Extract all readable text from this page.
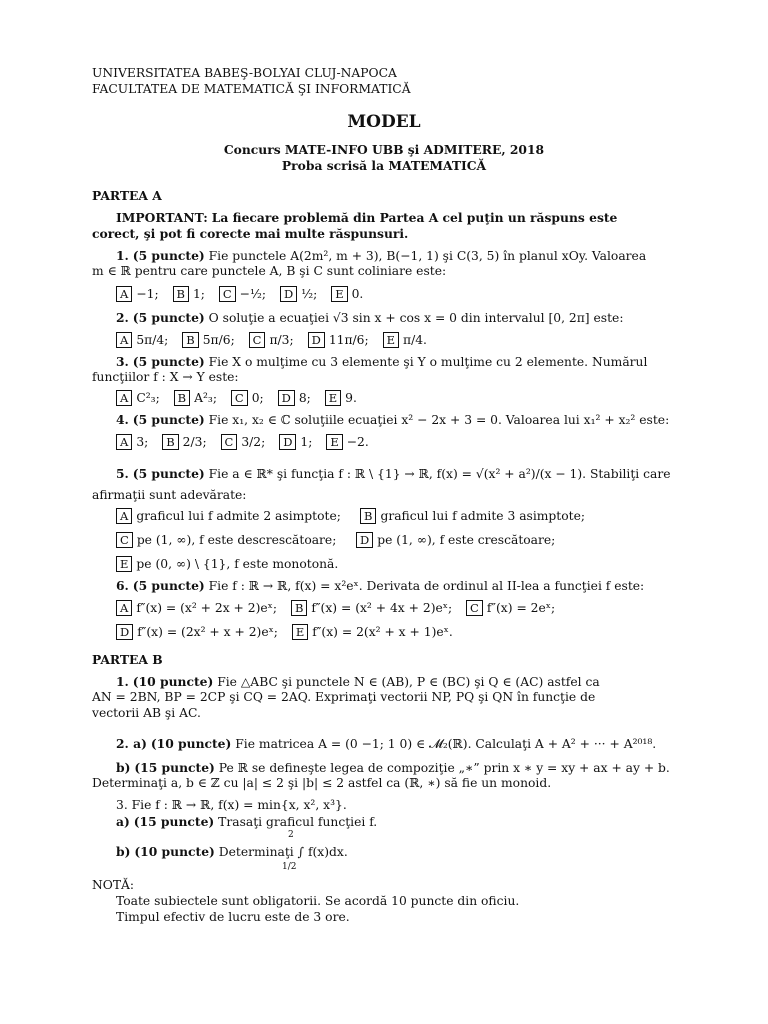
UNIVERSITATEA BABEŞ-BOLYAI CLUJ-NAPOCA
FACULTATEA DE MATEMATICĂ ŞI INFORMATICĂ
MODEL
Concurs MATE-INFO UBB şi ADMITERE, 2018
Proba scrisă la MATEMATICĂ
PARTEA A
IMPORTANT: La fiecare problemă din Partea A cel puţin un răspuns este
corect, şi pot fi corecte mai multe răspunsuri.
1. (5 puncte) Fie punctele A(2m², m + 3), B(−1, 1) şi C(3, 5) în planul xOy. Valoarea
m ∈ ℝ pentru care punctele A, B şi C sunt coliniare este:
A −1; B 1; C −½; D ½; E 0.
2. (5 puncte) O soluţie a ecuaţiei √3 sin x + cos x = 0 din intervalul [0, 2π] este:
A 5π/4; B 5π/6; C π/3; D 11π/6; E π/4.
3. (5 puncte) Fie X o mulţime cu 3 elemente şi Y o mulţime cu 2 elemente. Numărul
funcţiilor f : X → Y este:
A C²₃; B A²₃; C 0; D 8; E 9.
4. (5 puncte) Fie x₁, x₂ ∈ ℂ soluţiile ecuaţiei x² − 2x + 3 = 0. Valoarea lui x₁² + x₂² este:
A 3; B 2/3; C 3/2; D 1; E −2.
5. (5 puncte) Fie a ∈ ℝ* şi funcţia f : ℝ \ {1} → ℝ, f(x) = √(x² + a²)/(x − 1). Stabiliţi care
afirmaţii sunt adevărate:
A graficul lui f admite 2 asimptote;	B graficul lui f admite 3 asimptote;
C pe (1, ∞), f este descrescătoare;	D pe (1, ∞), f este crescătoare;
E pe (0, ∞) \ {1}, f este monotonă.
6. (5 puncte) Fie f : ℝ → ℝ, f(x) = x²eˣ. Derivata de ordinul al II-lea a funcţiei f este:
A f″(x) = (x² + 2x + 2)eˣ; B f″(x) = (x² + 4x + 2)eˣ; C f″(x) = 2eˣ;
D f″(x) = (2x² + x + 2)eˣ; E f″(x) = 2(x² + x + 1)eˣ.
PARTEA B
1. (10 puncte) Fie △ABC şi punctele N ∈ (AB), P ∈ (BC) şi Q ∈ (AC) astfel ca
AN = 2BN, BP = 2CP şi CQ = 2AQ. Exprimaţi vectorii NP, PQ şi QN în funcţie de
vectorii AB şi AC.
2. a) (10 puncte) Fie matricea A = (0 −1; 1 0) ∈ 𝓜₂(ℝ). Calculaţi A + A² + ··· + A²⁰¹⁸.
b) (15 puncte) Pe ℝ se defineşte legea de compoziţie „∗” prin x ∗ y = xy + ax + ay + b.
Determinaţi a, b ∈ ℤ cu |a| ≤ 2 şi |b| ≤ 2 astfel ca (ℝ, ∗) să fie un monoid.
3. Fie f : ℝ → ℝ, f(x) = min{x, x², x³}.
a) (15 puncte) Trasaţi graficul funcţiei f.
b) (10 puncte) Determinaţi ∫ f(x)dx.
2
1/2
NOTĂ:
Toate subiectele sunt obligatorii. Se acordă 10 puncte din oficiu.
Timpul efectiv de lucru este de 3 ore.
